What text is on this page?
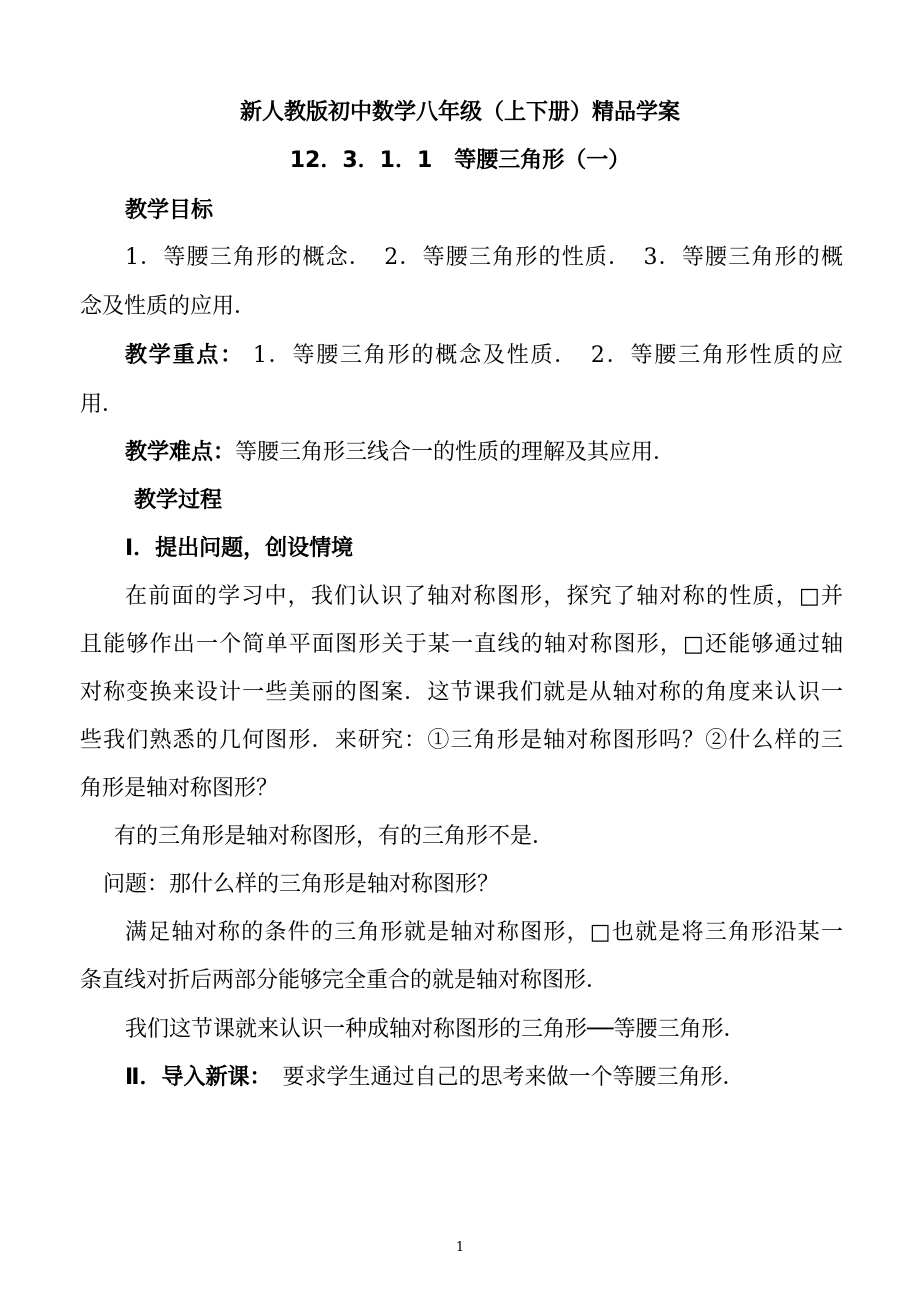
新人教版初中数学八年级（上下册）精品学案
12．3．1．1　等腰三角形（一）
教学目标
1．等腰三角形的概念．　2．等腰三角形的性质．　3．等腰三角形的概
念及性质的应用．
教学重点： 1．等腰三角形的概念及性质．　2．等腰三角形性质的应
用．
教学难点：等腰三角形三线合一的性质的理解及其应用．
教学过程
Ⅰ．提出问题，创设情境
在前面的学习中，我们认识了轴对称图形，探究了轴对称的性质，□并
且能够作出一个简单平面图形关于某一直线的轴对称图形，□还能够通过轴
对称变换来设计一些美丽的图案．这节课我们就是从轴对称的角度来认识一
些我们熟悉的几何图形．来研究：①三角形是轴对称图形吗？②什么样的三
角形是轴对称图形？
有的三角形是轴对称图形，有的三角形不是．
问题：那什么样的三角形是轴对称图形？
满足轴对称的条件的三角形就是轴对称图形，□也就是将三角形沿某一
条直线对折后两部分能够完全重合的就是轴对称图形．
我们这节课就来认识一种成轴对称图形的三角形──等腰三角形．
Ⅱ．导入新课：　要求学生通过自己的思考来做一个等腰三角形．
1
